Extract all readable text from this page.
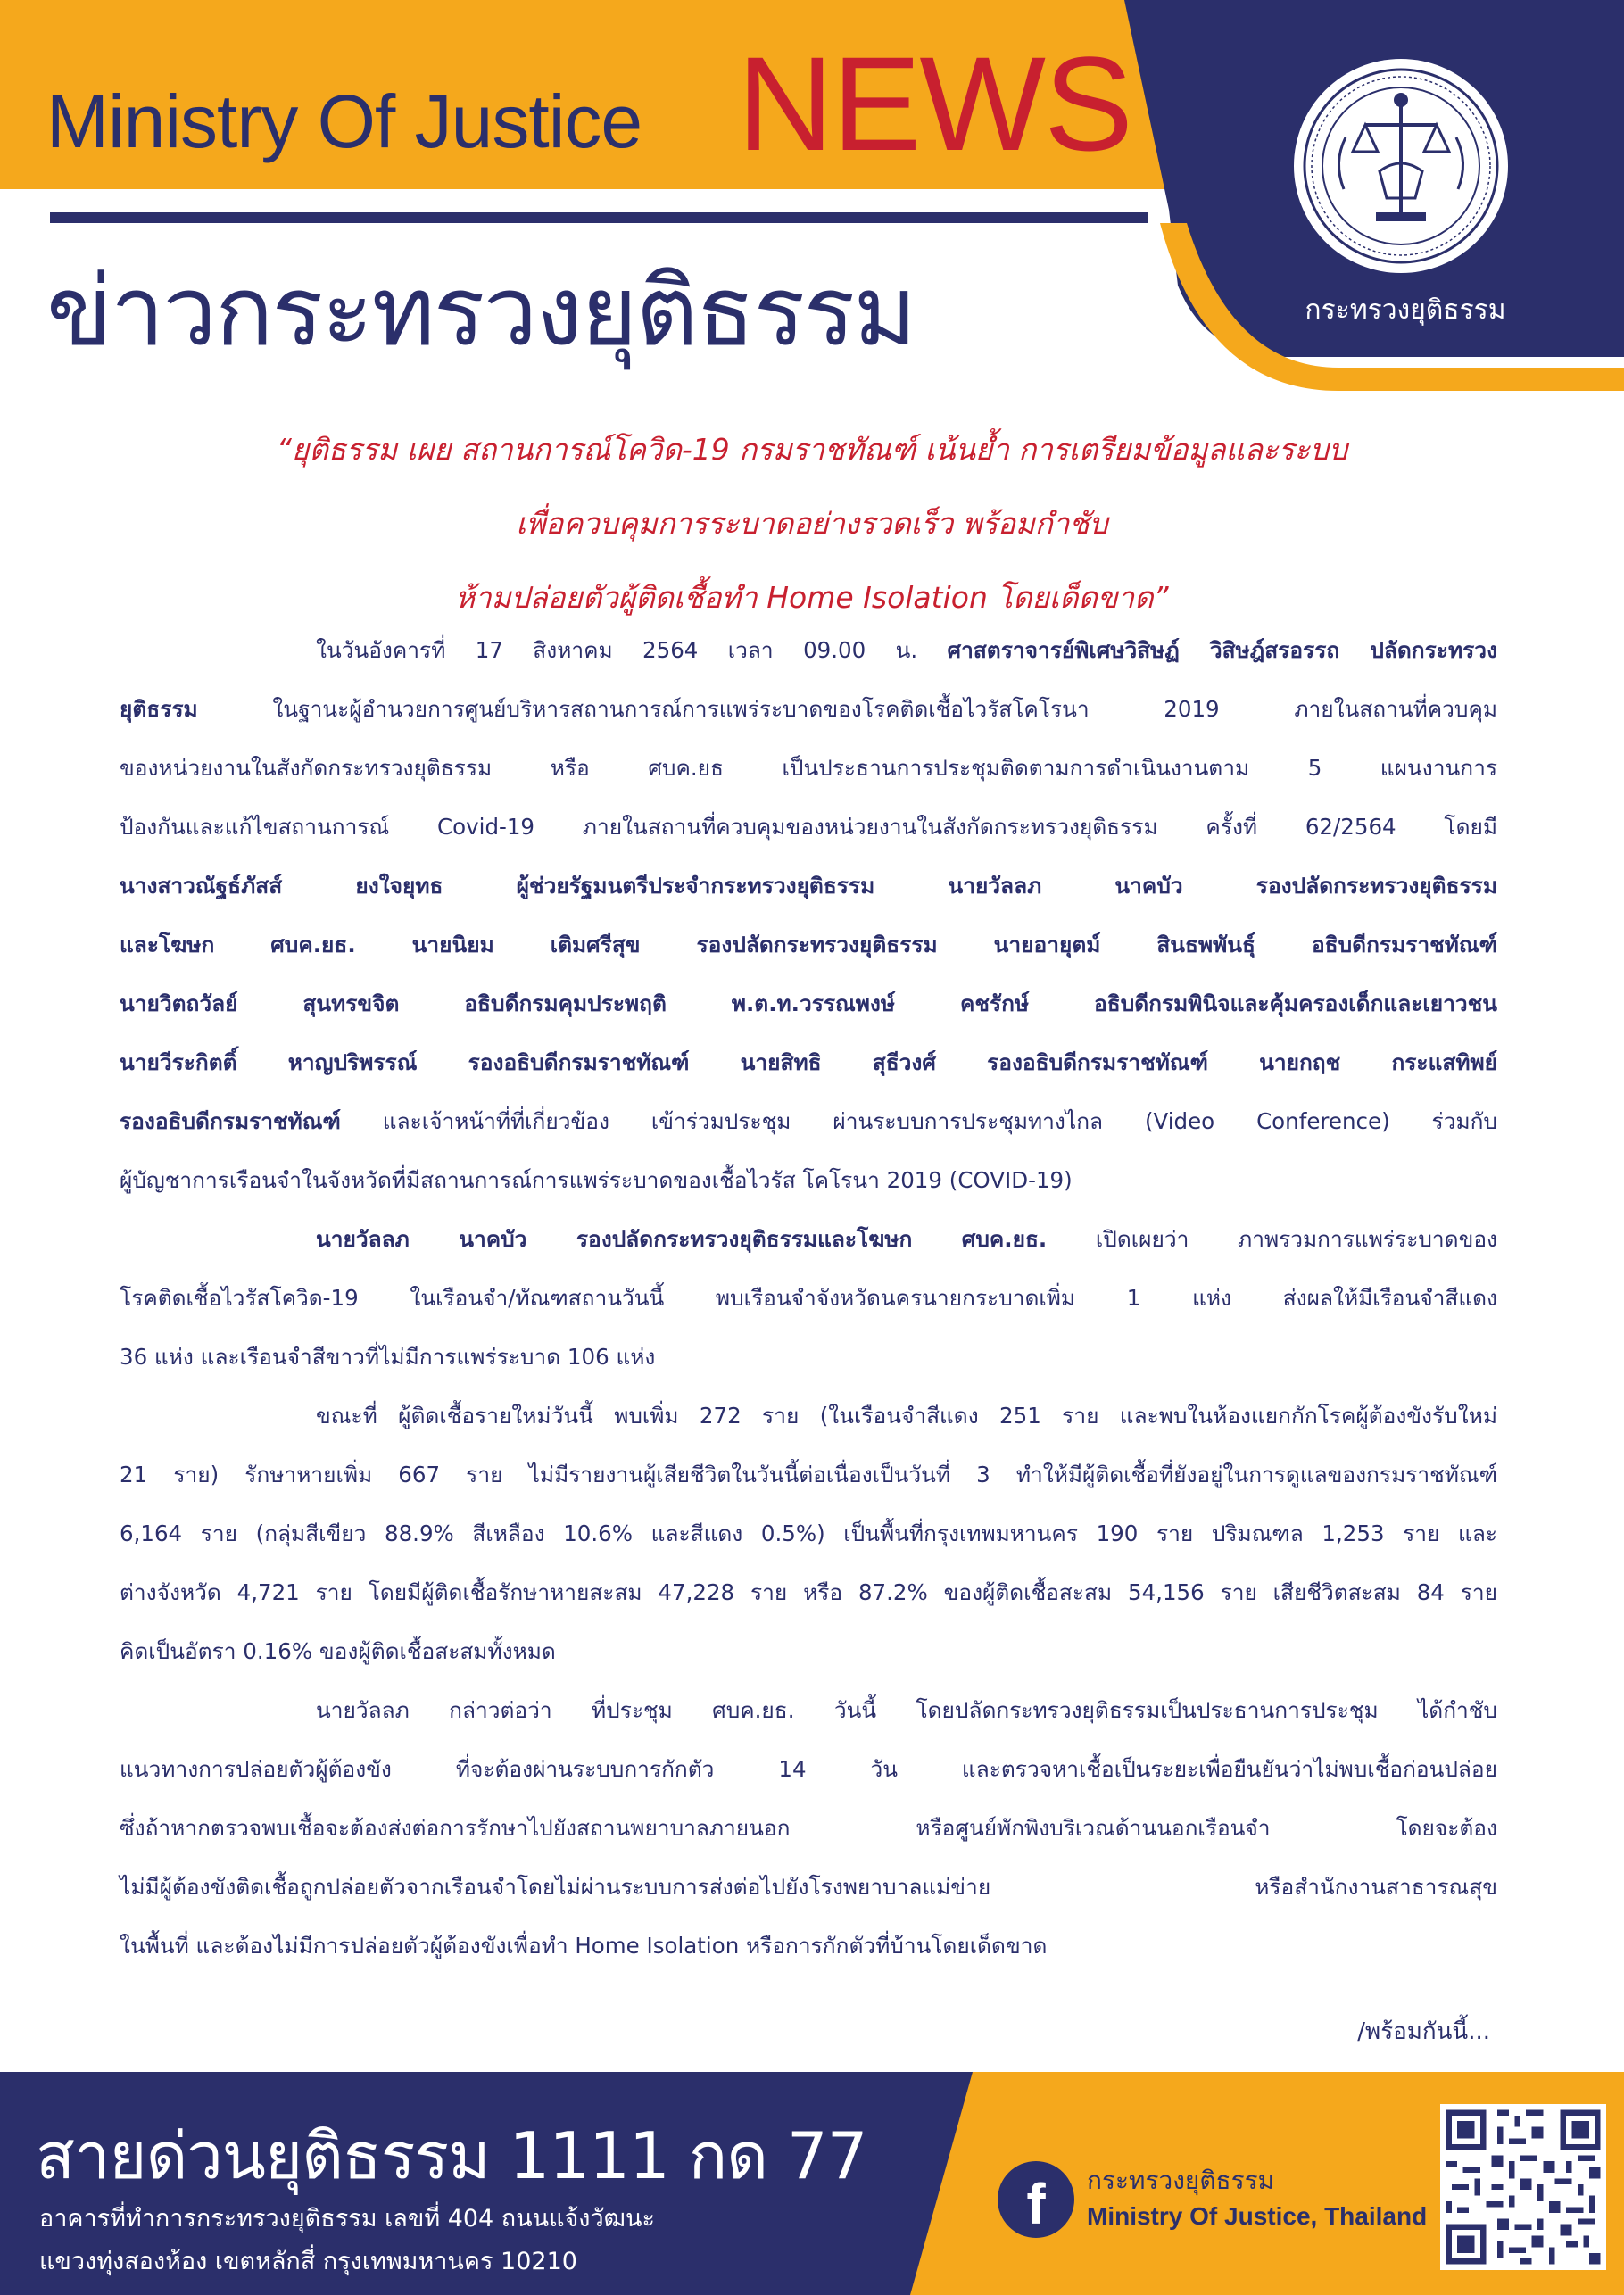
Ministry Of Justice NEWS
ข่าวกระทรวงยุติธรรม	กระทรวงยุติธรรม
“ยุติธรรม เผย สถานการณ์โควิด-19 กรมราชทัณฑ์ เน้นย้ำ การเตรียมข้อมูลและระบบ
เพื่อควบคุมการระบาดอย่างรวดเร็ว พร้อมกำชับ
ห้ามปล่อยตัวผู้ติดเชื้อทำ Home Isolation โดยเด็ดขาด”
ในวันอังคารที่ 17 สิงหาคม 2564 เวลา 09.00 น. ศาสตราจารย์พิเศษวิสิษฏ์ วิสิษฎ์สรอรรถ ปลัดกระทรวง
ยุติธรรม ในฐานะผู้อำนวยการศูนย์บริหารสถานการณ์การแพร่ระบาดของโรคติดเชื้อไวรัสโคโรนา 2019 ภายในสถานที่ควบคุม
ของหน่วยงานในสังกัดกระทรวงยุติธรรม หรือ ศบค.ยธ เป็นประธานการประชุมติดตามการดำเนินงานตาม 5 แผนงานการ
ป้องกันและแก้ไขสถานการณ์ Covid-19 ภายในสถานที่ควบคุมของหน่วยงานในสังกัดกระทรวงยุติธรรม ครั้งที่ 62/2564 โดยมี
นางสาวณัฐธ์ภัสส์ ยงใจยุทธ ผู้ช่วยรัฐมนตรีประจำกระทรวงยุติธรรม นายวัลลภ นาคบัว รองปลัดกระทรวงยุติธรรม
และโฆษก ศบค.ยธ. นายนิยม เติมศรีสุข รองปลัดกระทรวงยุติธรรม นายอายุตม์ สินธพพันธุ์ อธิบดีกรมราชทัณฑ์
นายวิตถวัลย์ สุนทรขจิต อธิบดีกรมคุมประพฤติ พ.ต.ท.วรรณพงษ์ คชรักษ์ อธิบดีกรมพินิจและคุ้มครองเด็กและเยาวชน
นายวีระกิตติ์ หาญปริพรรณ์ รองอธิบดีกรมราชทัณฑ์ นายสิทธิ สุธีวงศ์ รองอธิบดีกรมราชทัณฑ์ นายกฤช กระแสทิพย์
รองอธิบดีกรมราชทัณฑ์ และเจ้าหน้าที่ที่เกี่ยวข้อง เข้าร่วมประชุม ผ่านระบบการประชุมทางไกล (Video Conference) ร่วมกับ
ผู้บัญชาการเรือนจำในจังหวัดที่มีสถานการณ์การแพร่ระบาดของเชื้อไวรัส โคโรนา 2019 (COVID-19)
นายวัลลภ นาคบัว รองปลัดกระทรวงยุติธรรมและโฆษก ศบค.ยธ. เปิดเผยว่า ภาพรวมการแพร่ระบาดของ
โรคติดเชื้อไวรัสโควิด-19 ในเรือนจำ/ทัณฑสถานวันนี้ พบเรือนจำจังหวัดนครนายกระบาดเพิ่ม 1 แห่ง ส่งผลให้มีเรือนจำสีแดง
36 แห่ง และเรือนจำสีขาวที่ไม่มีการแพร่ระบาด 106 แห่ง
ขณะที่ ผู้ติดเชื้อรายใหม่วันนี้ พบเพิ่ม 272 ราย (ในเรือนจำสีแดง 251 ราย และพบในห้องแยกกักโรคผู้ต้องขังรับใหม่
21 ราย) รักษาหายเพิ่ม 667 ราย ไม่มีรายงานผู้เสียชีวิตในวันนี้ต่อเนื่องเป็นวันที่ 3 ทำให้มีผู้ติดเชื้อที่ยังอยู่ในการดูแลของกรมราชทัณฑ์
6,164 ราย (กลุ่มสีเขียว 88.9% สีเหลือง 10.6% และสีแดง 0.5%) เป็นพื้นที่กรุงเทพมหานคร 190 ราย ปริมณฑล 1,253 ราย และ
ต่างจังหวัด 4,721 ราย โดยมีผู้ติดเชื้อรักษาหายสะสม 47,228 ราย หรือ 87.2% ของผู้ติดเชื้อสะสม 54,156 ราย เสียชีวิตสะสม 84 ราย
คิดเป็นอัตรา 0.16% ของผู้ติดเชื้อสะสมทั้งหมด
นายวัลลภ กล่าวต่อว่า ที่ประชุม ศบค.ยธ. วันนี้ โดยปลัดกระทรวงยุติธรรมเป็นประธานการประชุม ได้กำชับ
แนวทางการปล่อยตัวผู้ต้องขัง ที่จะต้องผ่านระบบการกักตัว 14 วัน และตรวจหาเชื้อเป็นระยะเพื่อยืนยันว่าไม่พบเชื้อก่อนปล่อย
ซึ่งถ้าหากตรวจพบเชื้อจะต้องส่งต่อการรักษาไปยังสถานพยาบาลภายนอก หรือศูนย์พักพิงบริเวณด้านนอกเรือนจำ โดยจะต้อง
ไม่มีผู้ต้องขังติดเชื้อถูกปล่อยตัวจากเรือนจำโดยไม่ผ่านระบบการส่งต่อไปยังโรงพยาบาลแม่ข่าย หรือสำนักงานสาธารณสุข
ในพื้นที่ และต้องไม่มีการปล่อยตัวผู้ต้องขังเพื่อทำ Home Isolation หรือการกักตัวที่บ้านโดยเด็ดขาด
/พร้อมกันนี้...
สายด่วนยุติธรรม 1111 กด 77
อาคารที่ทำการกระทรวงยุติธรรม เลขที่ 404 ถนนแจ้งวัฒนะ
แขวงทุ่งสองห้อง เขตหลักสี่ กรุงเทพมหานคร 10210
f	กระทรวงยุติธรรม
Ministry Of Justice, Thailand
